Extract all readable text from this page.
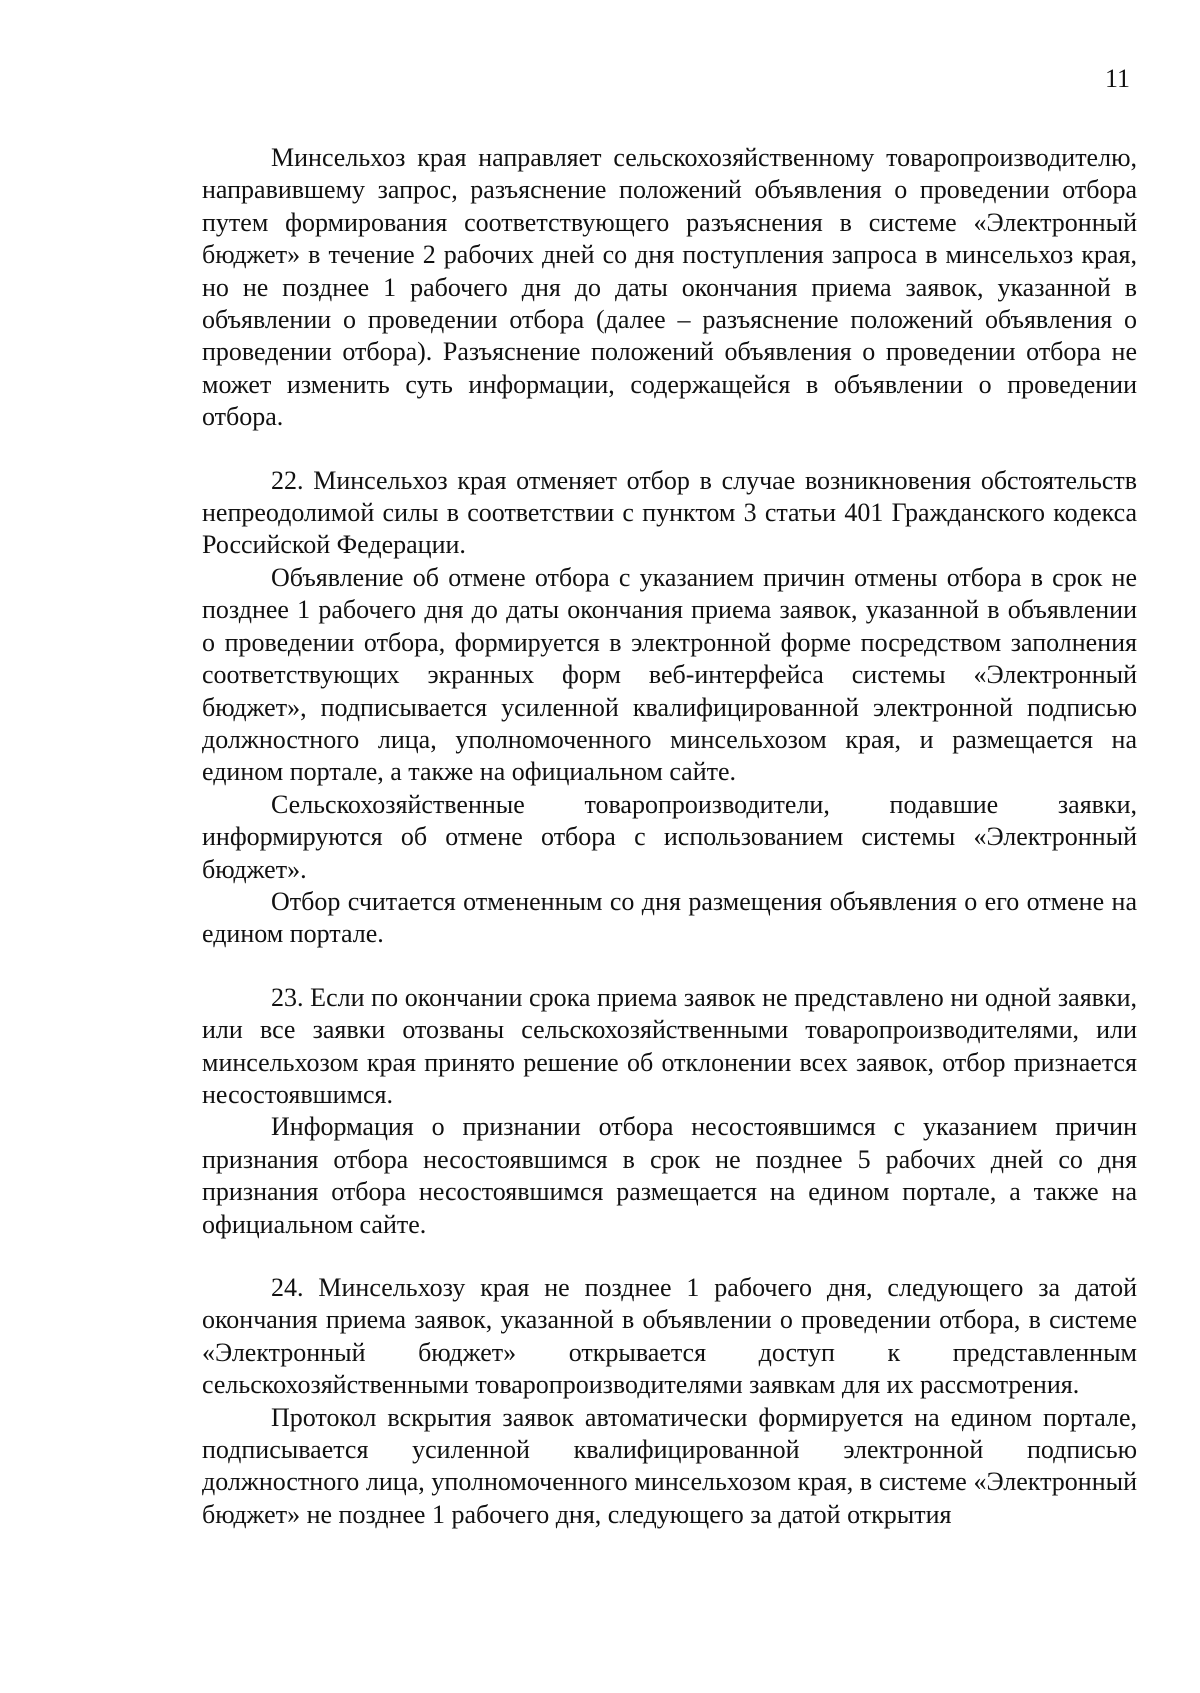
11

Минсельхоз края направляет сельскохозяйственному товаропроизводителю, направившему запрос, разъяснение положений объявления о проведении отбора путем формирования соответствующего разъяснения в системе «Электронный бюджет» в течение 2 рабочих дней со дня поступления запроса в минсельхоз края, но не позднее 1 рабочего дня до даты окончания приема заявок, указанной в объявлении о проведении отбора (далее – разъяснение положений объявления о проведении отбора). Разъяснение положений объявления о проведении отбора не может изменить суть информации, содержащейся в объявлении о проведении отбора.

22. Минсельхоз края отменяет отбор в случае возникновения обстоятельств непреодолимой силы в соответствии с пунктом 3 статьи 401 Гражданского кодекса Российской Федерации.

Объявление об отмене отбора с указанием причин отмены отбора в срок не позднее 1 рабочего дня до даты окончания приема заявок, указанной в объявлении о проведении отбора, формируется в электронной форме посредством заполнения соответствующих экранных форм веб-интерфейса системы «Электронный бюджет», подписывается усиленной квалифицированной электронной подписью должностного лица, уполномоченного минсельхозом края, и размещается на едином портале, а также на официальном сайте.

Сельскохозяйственные товаропроизводители, подавшие заявки, информируются об отмене отбора с использованием системы «Электронный бюджет».

Отбор считается отмененным со дня размещения объявления о его отмене на едином портале.

23. Если по окончании срока приема заявок не представлено ни одной заявки, или все заявки отозваны сельскохозяйственными товаропроизводителями, или минсельхозом края принято решение об отклонении всех заявок, отбор признается несостоявшимся.

Информация о признании отбора несостоявшимся с указанием причин признания отбора несостоявшимся в срок не позднее 5 рабочих дней со дня признания отбора несостоявшимся размещается на едином портале, а также на официальном сайте.

24. Минсельхозу края не позднее 1 рабочего дня, следующего за датой окончания приема заявок, указанной в объявлении о проведении отбора, в системе «Электронный бюджет» открывается доступ к представленным сельскохозяйственными товаропроизводителями заявкам для их рассмотрения.

Протокол вскрытия заявок автоматически формируется на едином портале, подписывается усиленной квалифицированной электронной подписью должностного лица, уполномоченного минсельхозом края, в системе «Электронный бюджет» не позднее 1 рабочего дня, следующего за датой открытия
